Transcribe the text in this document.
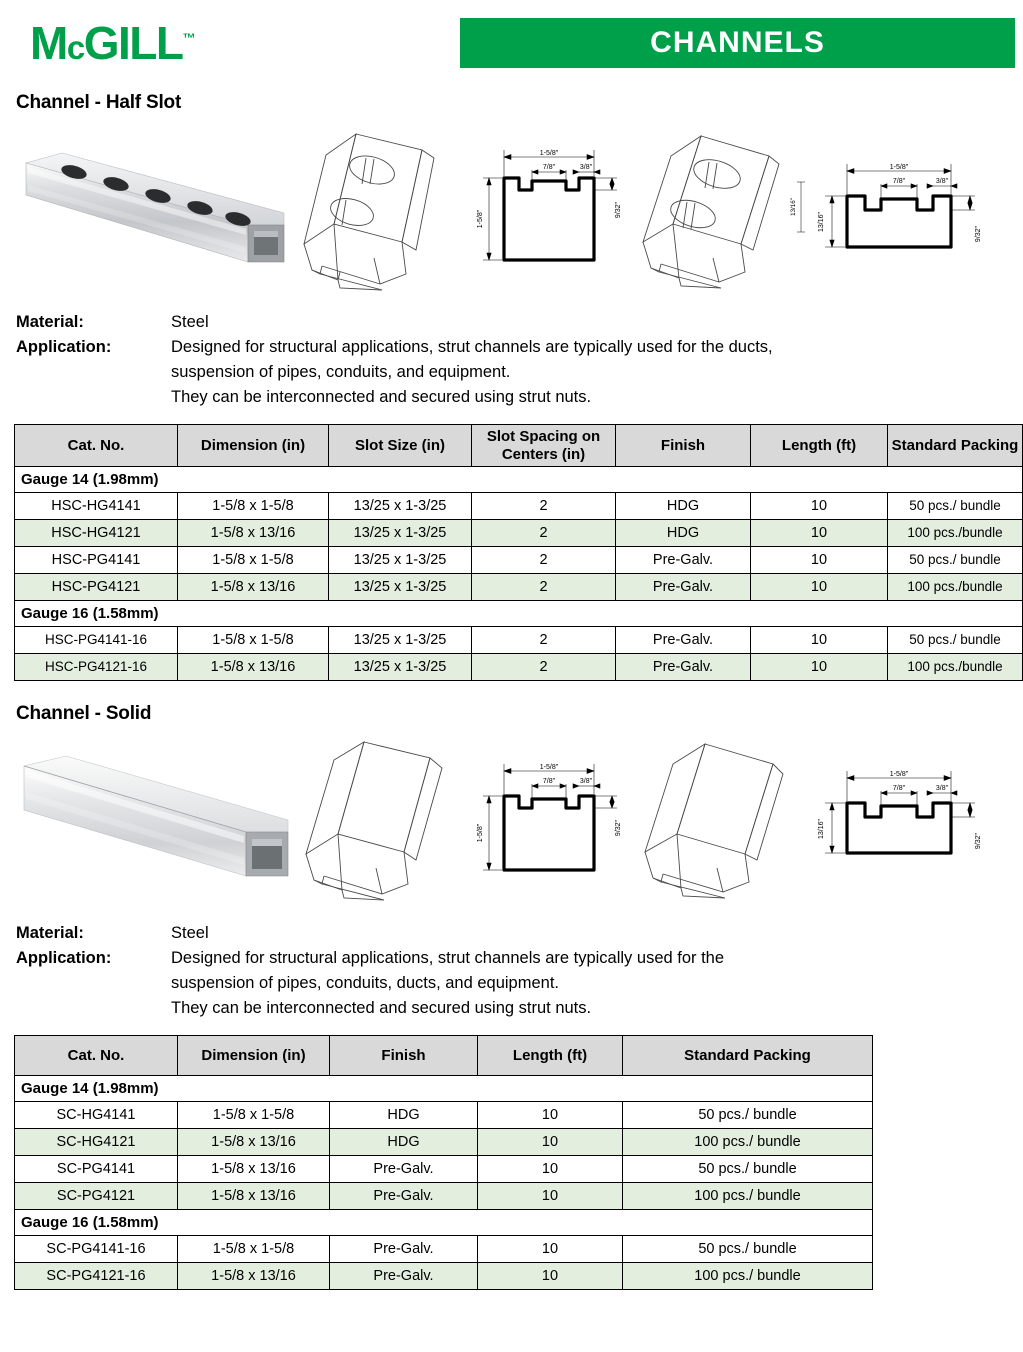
McGILL™	CHANNELS
Channel - Half Slot
1-5/8"
7/8"	3/8"
1-5/8"	9/32"	13/16"
1-5/8"
7/8"	3/8"
13/16"
9/32"
Material:	Steel
Application:	Designed for structural applications, strut channels are typically used for the ducts,
suspension of pipes, conduits, and equipment.
They can be interconnected and secured using strut nuts.
Cat. No.	Dimension (in)	Slot Size (in)	Slot Spacing on Centers (in)	Finish	Length (ft)	Standard Packing
Gauge 14 (1.98mm)						
HSC-HG4141	1-5/8 x 1-5/8	13/25 x 1-3/25	2	HDG	10	50 pcs./ bundle
HSC-HG4121	1-5/8 x 13/16	13/25 x 1-3/25	2	HDG	10	100 pcs./bundle
HSC-PG4141	1-5/8 x 1-5/8	13/25 x 1-3/25	2	Pre-Galv.	10	50 pcs./ bundle
HSC-PG4121	1-5/8 x 13/16	13/25 x 1-3/25	2	Pre-Galv.	10	100 pcs./bundle
Gauge 16 (1.58mm)						
HSC-PG4141-16	1-5/8 x 1-5/8	13/25 x 1-3/25	2	Pre-Galv.	10	50 pcs./ bundle
HSC-PG4121-16	1-5/8 x 13/16	13/25 x 1-3/25	2	Pre-Galv.	10	100 pcs./bundle
Channel - Solid
1-5/8"
7/8"	3/8"
1-5/8"	9/32"
1-5/8"
7/8"	3/8"
13/16"
9/32"
Material:	Steel
Application:	Designed for structural applications, strut channels are typically used for the
suspension of pipes, conduits, ducts, and equipment.
They can be interconnected and secured using strut nuts.
Cat. No.	Dimension (in)	Finish	Length (ft)	Standard Packing
Gauge 14 (1.98mm)				
SC-HG4141	1-5/8 x 1-5/8	HDG	10	50 pcs./ bundle
SC-HG4121	1-5/8 x 13/16	HDG	10	100 pcs./ bundle
SC-PG4141	1-5/8 x 13/16	Pre-Galv.	10	50 pcs./ bundle
SC-PG4121	1-5/8 x 13/16	Pre-Galv.	10	100 pcs./ bundle
Gauge 16 (1.58mm)				
SC-PG4141-16	1-5/8 x 1-5/8	Pre-Galv.	10	50 pcs./ bundle
SC-PG4121-16	1-5/8 x 13/16	Pre-Galv.	10	100 pcs./ bundle
